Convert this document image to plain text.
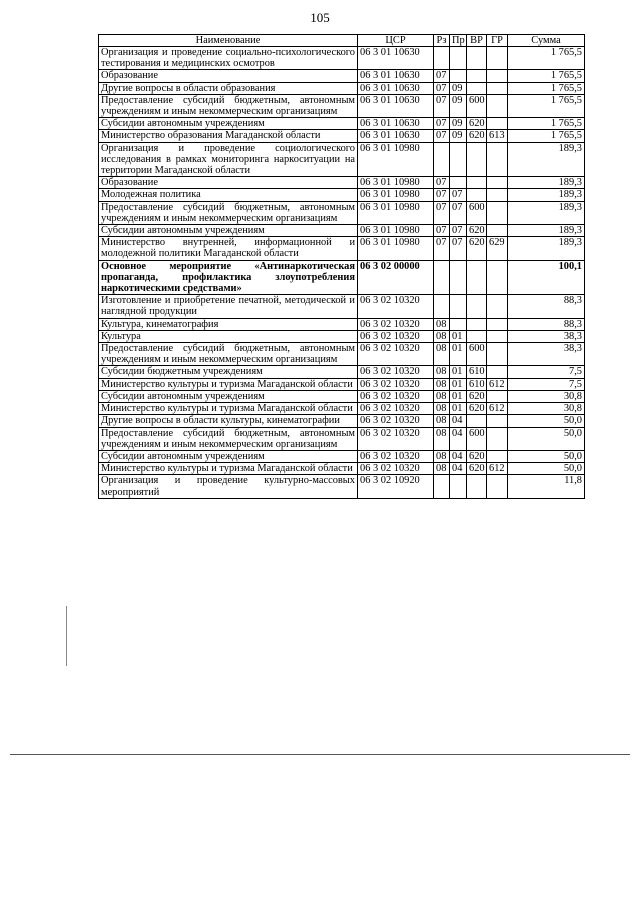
105
Наименование	ЦСР	Рз	Пр	ВР	ГР	Сумма
Организация и проведение социально-психологического тестирования и медицинских осмотров	06 3 01 10630					1 765,5
Образование	06 3 01 10630	07				1 765,5
Другие вопросы в области образования	06 3 01 10630	07	09			1 765,5
Предоставление субсидий бюджетным, автономным учреждениям и иным некоммерческим организациям	06 3 01 10630	07	09	600		1 765,5
Субсидии автономным учреждениям	06 3 01 10630	07	09	620		1 765,5
Министерство образования Магаданской области	06 3 01 10630	07	09	620	613	1 765,5
Организация и проведение социологического исследования в рамках мониторинга наркоситуации на территории Магаданской области	06 3 01 10980					189,3
Образование	06 3 01 10980	07				189,3
Молодежная политика	06 3 01 10980	07	07			189,3
Предоставление субсидий бюджетным, автономным учреждениям и иным некоммерческим организациям	06 3 01 10980	07	07	600		189,3
Субсидии автономным учреждениям	06 3 01 10980	07	07	620		189,3
Министерство внутренней, информационной и молодежной политики Магаданской области	06 3 01 10980	07	07	620	629	189,3
Основное мероприятие «Антинаркотическая пропаганда, профилактика злоупотребления наркотическими средствами»	06 3 02 00000					100,1
Изготовление и приобретение печатной, методической и наглядной продукции	06 3 02 10320					88,3
Культура, кинематография	06 3 02 10320	08				88,3
Культура	06 3 02 10320	08	01			38,3
Предоставление субсидий бюджетным, автономным учреждениям и иным некоммерческим организациям	06 3 02 10320	08	01	600		38,3
Субсидии бюджетным учреждениям	06 3 02 10320	08	01	610		7,5
Министерство культуры и туризма Магаданской области	06 3 02 10320	08	01	610	612	7,5
Субсидии автономным учреждениям	06 3 02 10320	08	01	620		30,8
Министерство культуры и туризма Магаданской области	06 3 02 10320	08	01	620	612	30,8
Другие вопросы в области культуры, кинематографии	06 3 02 10320	08	04			50,0
Предоставление субсидий бюджетным, автономным учреждениям и иным некоммерческим организациям	06 3 02 10320	08	04	600		50,0
Субсидии автономным учреждениям	06 3 02 10320	08	04	620		50,0
Министерство культуры и туризма Магаданской области	06 3 02 10320	08	04	620	612	50,0
Организация и проведение культурно-массовых мероприятий	06 3 02 10920					11,8
